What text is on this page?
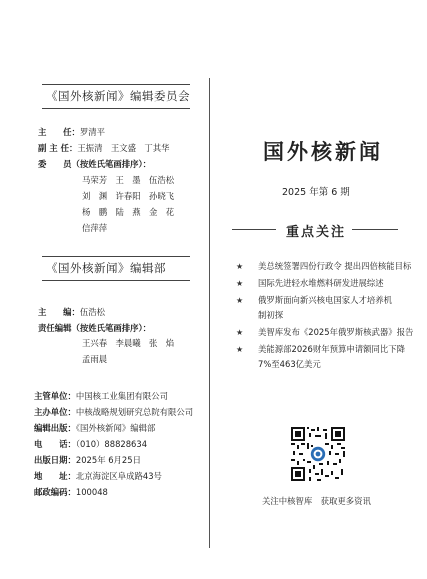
《国外核新闻》编辑委员会
主　　任：罗清平
副 主 任：王振清　王文盛　丁其华
委　　员（按姓氏笔画排序）：
马荣芳　王　墨　伍浩松
刘　渊　许春阳　孙晓飞
杨　鹏　陆　燕　金　花
信萍萍
《国外核新闻》编辑部
主　　编：伍浩松
责任编辑（按姓氏笔画排序）：
王兴春　李晨曦　张　焰
孟雨晨
主管单位：中国核工业集团有限公司
主办单位：中核战略规划研究总院有限公司
编辑出版：《国外核新闻》编辑部
电　　话：（010）88828634
出版日期：2025年 6月25日
地　　址：北京海淀区阜成路43号
邮政编码：100048
国外核新闻
2025 年第 6 期
重点关注
★ 美总统签署四份行政令 提出四倍核能目标
★ 国际先进轻水堆燃料研发进展综述
★ 俄罗斯面向新兴核电国家人才培养机
制初探
★ 美智库发布《2025年俄罗斯核武器》报告
★ 美能源部2026财年预算申请额同比下降
7%至463亿美元
关注中核智库　获取更多资讯
